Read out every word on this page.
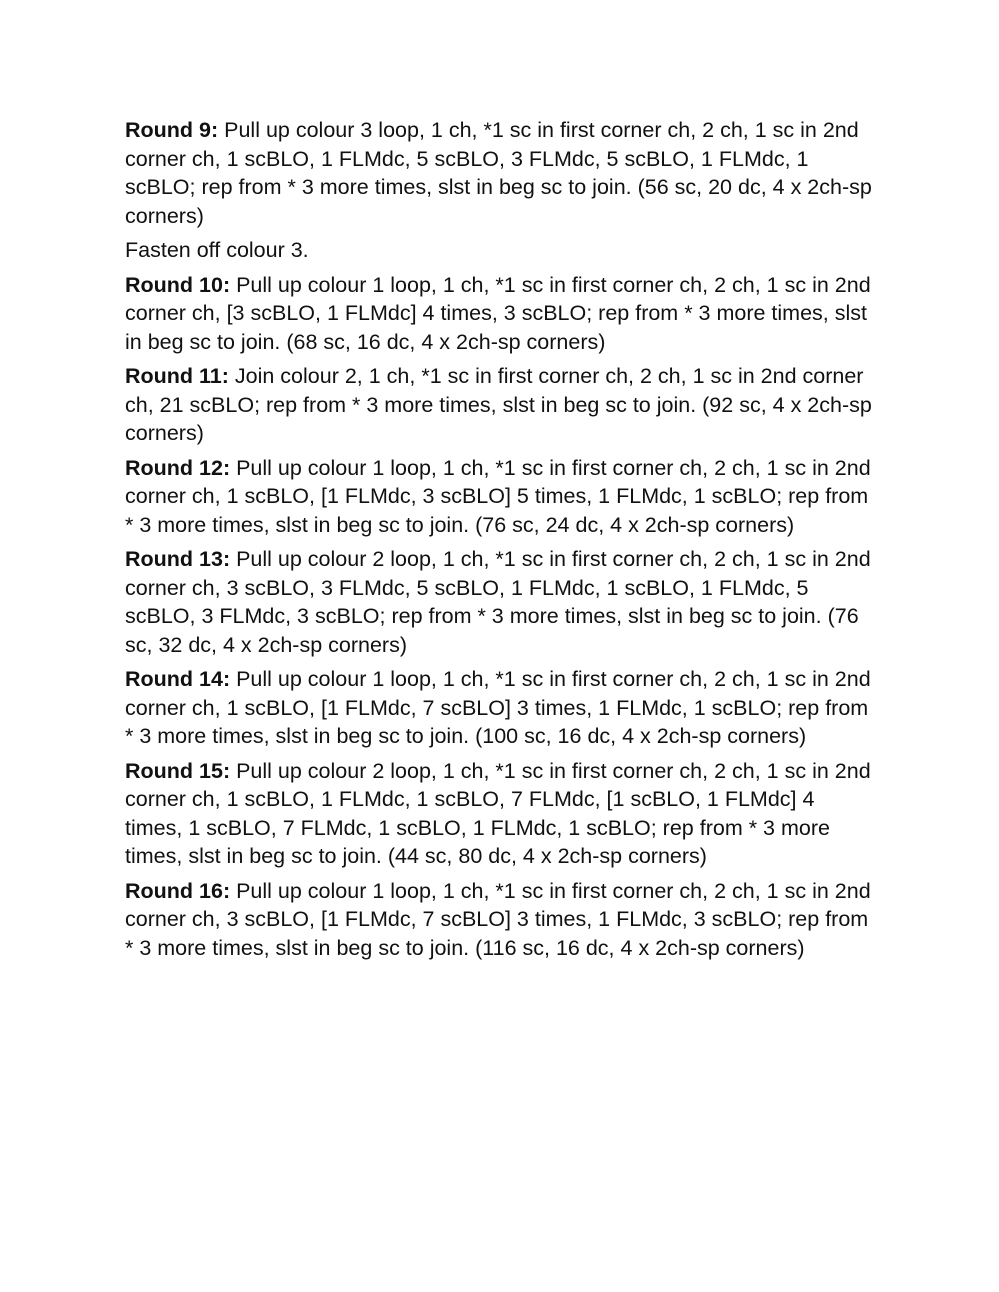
Round 9: Pull up colour 3 loop, 1 ch, *1 sc in first corner ch, 2 ch, 1 sc in 2nd corner ch, 1 scBLO, 1 FLMdc, 5 scBLO, 3 FLMdc, 5 scBLO, 1 FLMdc, 1 scBLO; rep from * 3 more times, slst in beg sc to join. (56 sc, 20 dc, 4 x 2ch-sp corners)

Fasten off colour 3.

Round 10: Pull up colour 1 loop, 1 ch, *1 sc in first corner ch, 2 ch, 1 sc in 2nd corner ch, [3 scBLO, 1 FLMdc] 4 times, 3 scBLO; rep from * 3 more times, slst in beg sc to join. (68 sc, 16 dc, 4 x 2ch-sp corners)

Round 11: Join colour 2, 1 ch, *1 sc in first corner ch, 2 ch, 1 sc in 2nd corner ch, 21 scBLO; rep from * 3 more times, slst in beg sc to join. (92 sc, 4 x 2ch-sp corners)

Round 12: Pull up colour 1 loop, 1 ch, *1 sc in first corner ch, 2 ch, 1 sc in 2nd corner ch, 1 scBLO, [1 FLMdc, 3 scBLO] 5 times, 1 FLMdc, 1 scBLO; rep from * 3 more times, slst in beg sc to join. (76 sc, 24 dc, 4 x 2ch-sp corners)

Round 13: Pull up colour 2 loop, 1 ch, *1 sc in first corner ch, 2 ch, 1 sc in 2nd corner ch, 3 scBLO, 3 FLMdc, 5 scBLO, 1 FLMdc, 1 scBLO, 1 FLMdc, 5 scBLO, 3 FLMdc, 3 scBLO; rep from * 3 more times, slst in beg sc to join. (76 sc, 32 dc, 4 x 2ch-sp corners)

Round 14: Pull up colour 1 loop, 1 ch, *1 sc in first corner ch, 2 ch, 1 sc in 2nd corner ch, 1 scBLO, [1 FLMdc, 7 scBLO] 3 times, 1 FLMdc, 1 scBLO; rep from * 3 more times, slst in beg sc to join. (100 sc, 16 dc, 4 x 2ch-sp corners)

Round 15: Pull up colour 2 loop, 1 ch, *1 sc in first corner ch, 2 ch, 1 sc in 2nd corner ch, 1 scBLO, 1 FLMdc, 1 scBLO, 7 FLMdc, [1 scBLO, 1 FLMdc] 4 times, 1 scBLO, 7 FLMdc, 1 scBLO, 1 FLMdc, 1 scBLO; rep from * 3 more times, slst in beg sc to join. (44 sc, 80 dc, 4 x 2ch-sp corners)

Round 16: Pull up colour 1 loop, 1 ch, *1 sc in first corner ch, 2 ch, 1 sc in 2nd corner ch, 3 scBLO, [1 FLMdc, 7 scBLO] 3 times, 1 FLMdc, 3 scBLO; rep from * 3 more times, slst in beg sc to join. (116 sc, 16 dc, 4 x 2ch-sp corners)
